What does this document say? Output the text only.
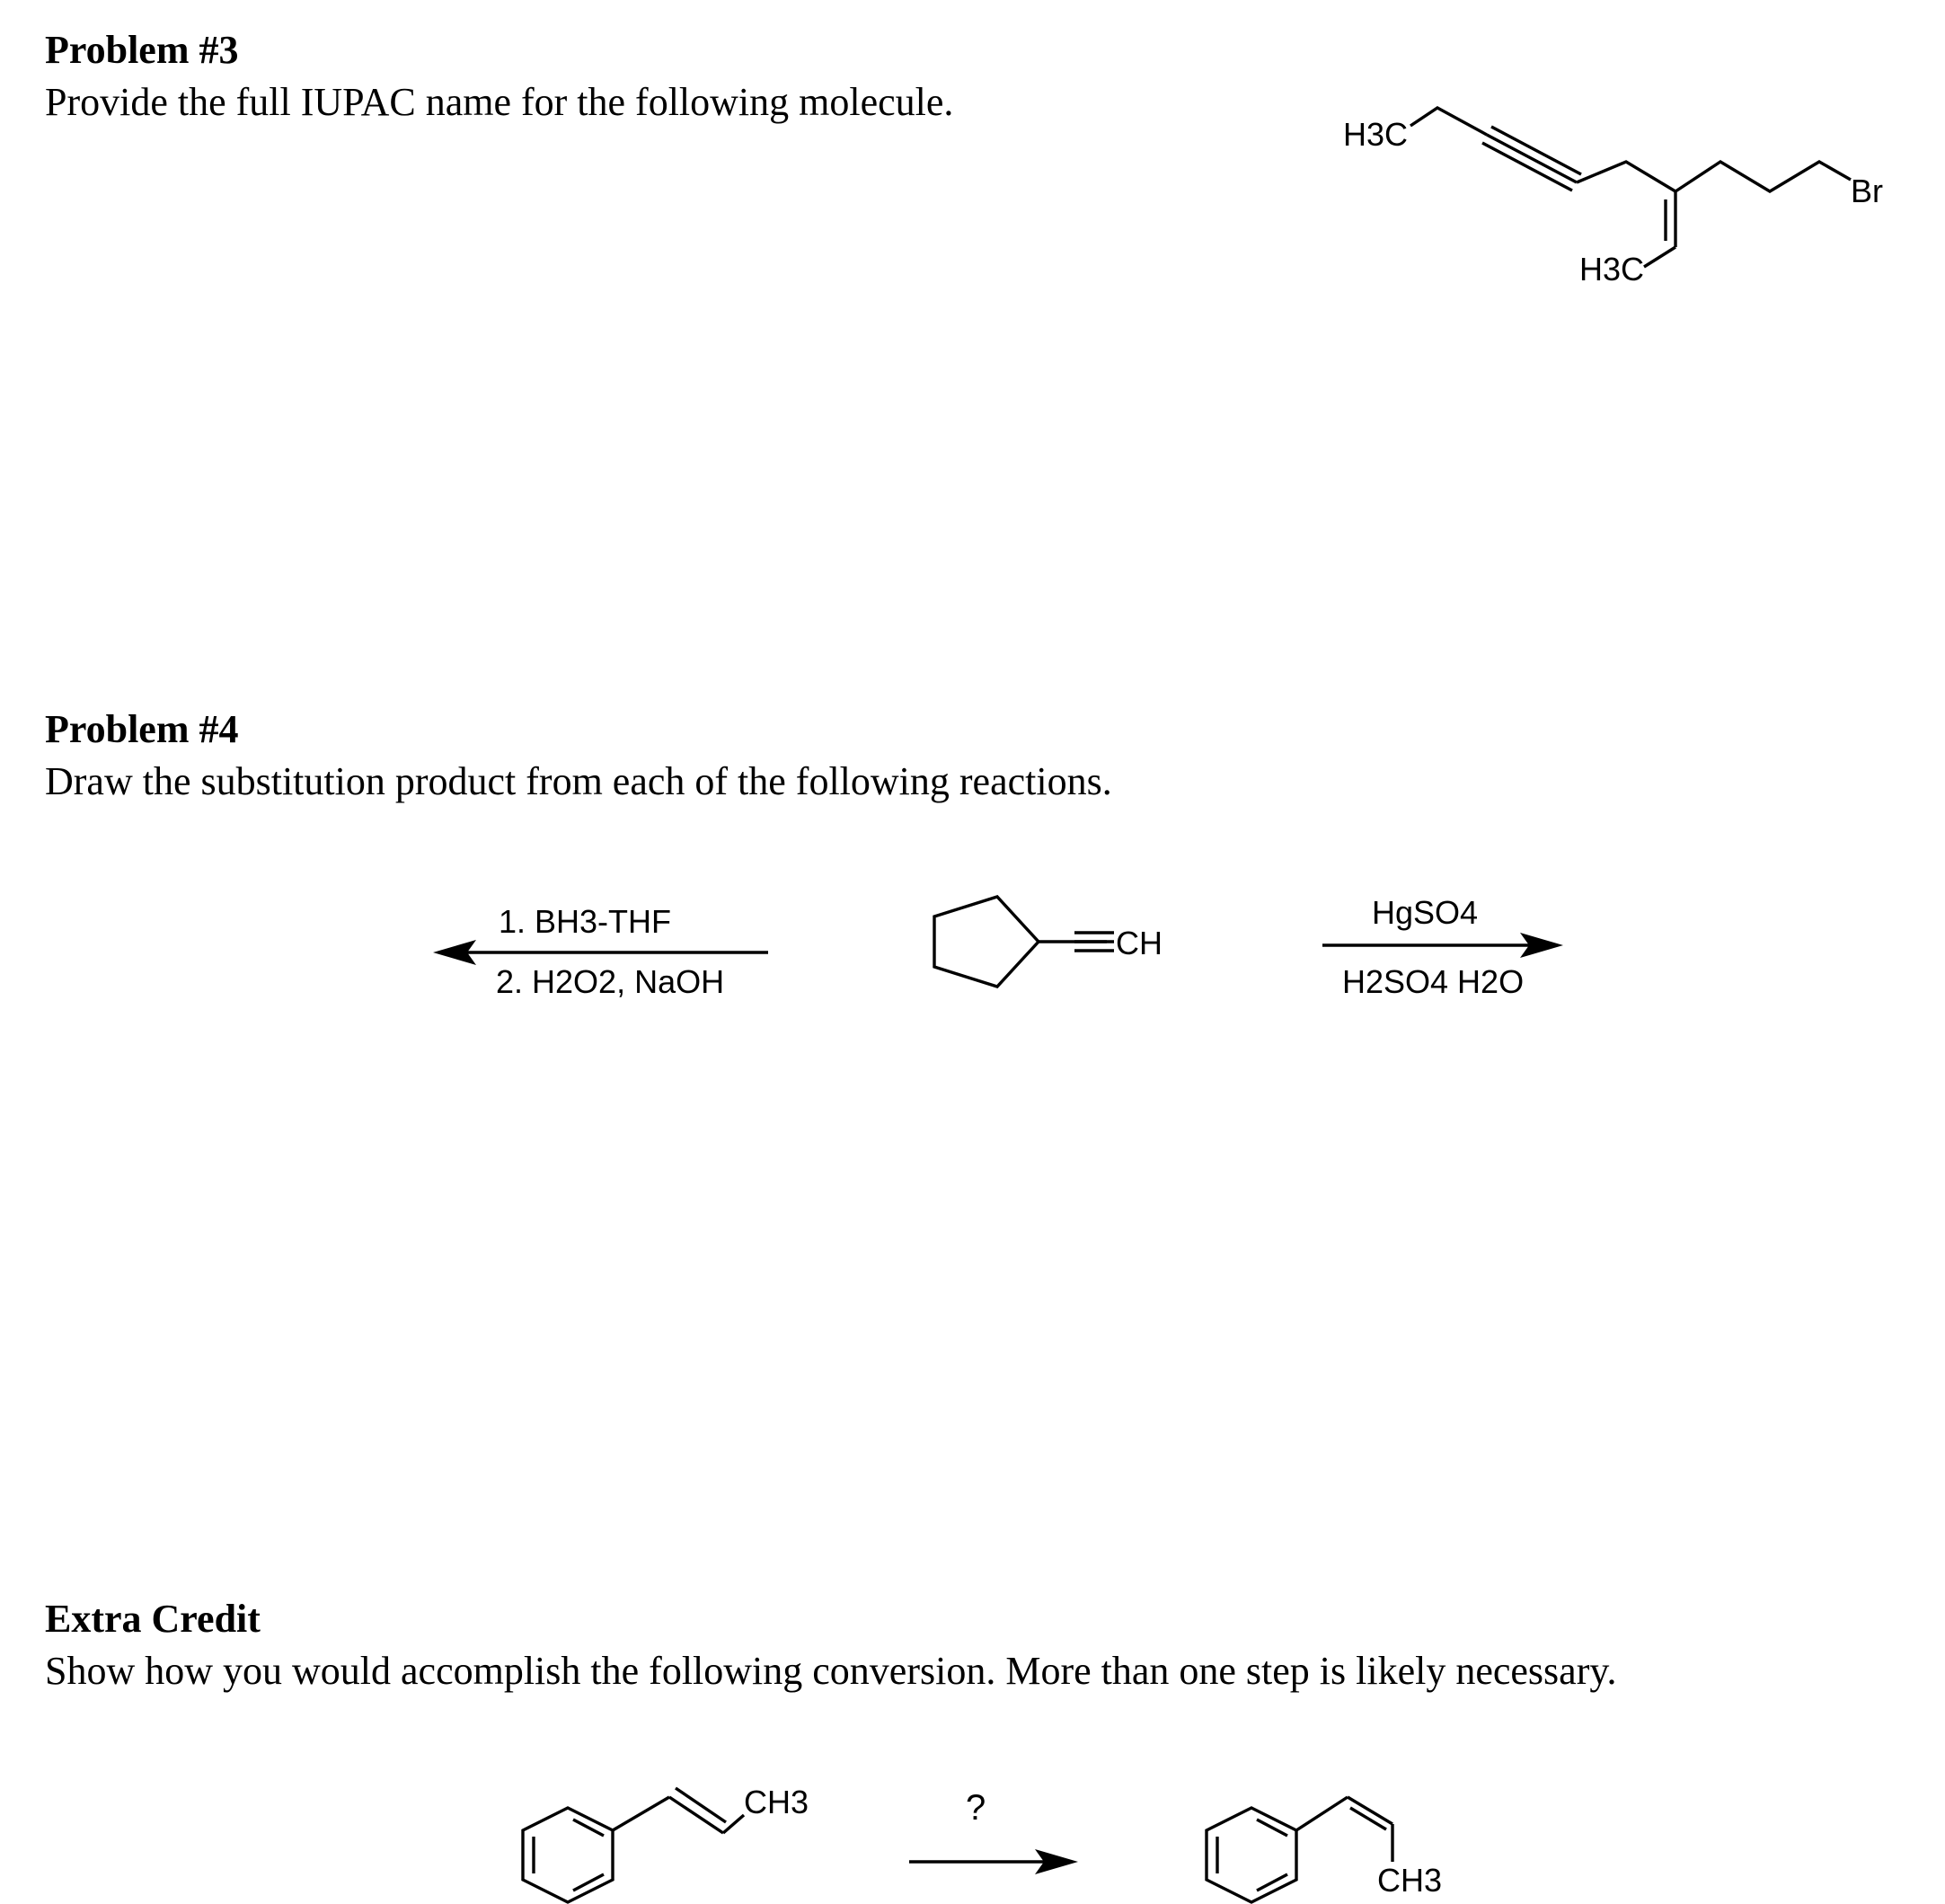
Problem #3
Provide the full IUPAC name for the following molecule.
Problem #4
Draw the substitution product from each of the following reactions.
Extra Credit
Show how you would accomplish the following conversion. More than one step is likely necessary.
H3C
H3C
Br
1. BH3-THF
2. H2O2, NaOH
CH
HgSO4
H2SO4 H2O
CH3	?
CH3
